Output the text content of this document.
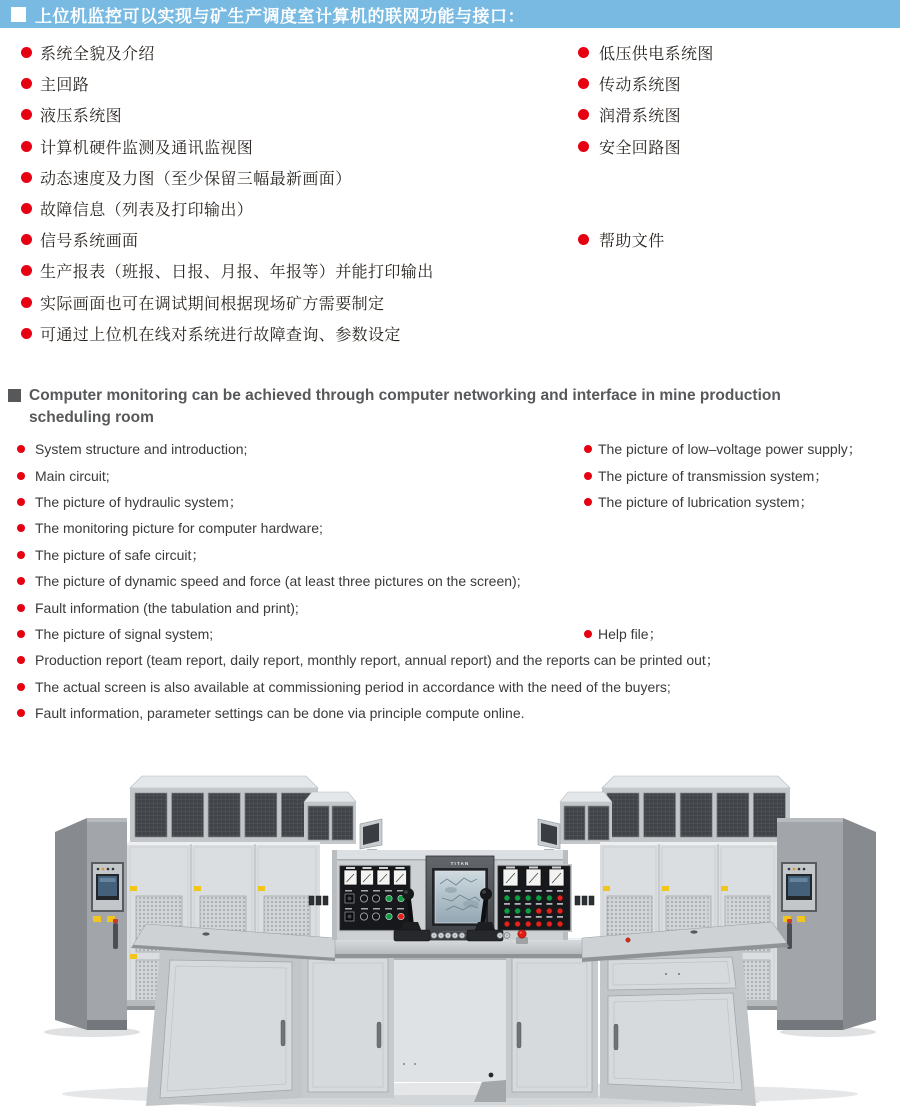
上位机监控可以实现与矿生产调度室计算机的联网功能与接口：
系统全貌及介绍	低压供电系统图
主回路	传动系统图
液压系统图	润滑系统图
计算机硬件监测及通讯监视图	安全回路图
动态速度及力图（至少保留三幅最新画面）
故障信息（列表及打印输出）
信号系统画面	帮助文件
生产报表（班报、日报、月报、年报等）并能打印输出
实际画面也可在调试期间根据现场矿方需要制定
可通过上位机在线对系统进行故障查询、参数设定
Computer monitoring can be achieved through computer networking and interface in mine production
scheduling room
System structure and introduction;	The picture of low–voltage power supply；
Main circuit;	The picture of transmission system；
The picture of hydraulic system；	The picture of lubrication system；
The monitoring picture for computer hardware;
The picture of safe circuit；
The picture of dynamic speed and force (at least three pictures on the screen);
Fault information (the tabulation and print);
The picture of signal system;	Help file；
Production report (team report, daily report, monthly report, annual report) and the reports can be printed out；
The actual screen is also available at commissioning period in accordance with the need of the buyers;
Fault information, parameter settings can be done via principle compute online.
TITAN
